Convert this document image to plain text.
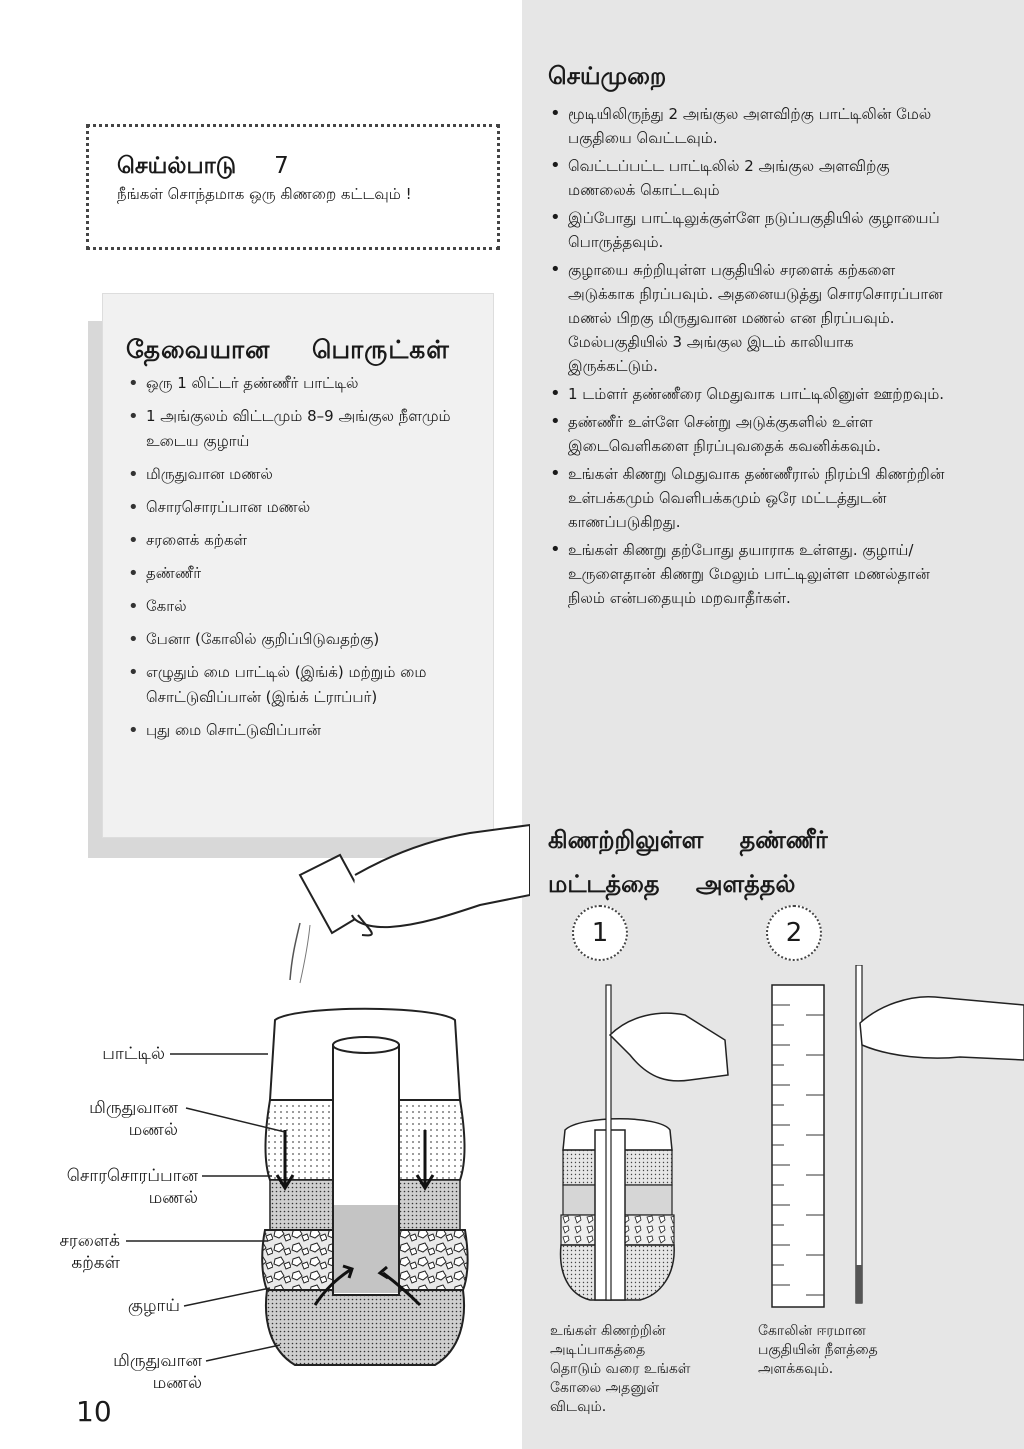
செய்ல்பாடு 7
நீங்கள் சொந்தமாக ஒரு கிணறை கட்டவும் !
தேவையான பொருட்கள்
• ஒரு 1 லிட்டர் தண்ணீர் பாட்டில்
• 1 அங்குலம் விட்டமும் 8–9 அங்குல நீளமும் உடைய குழாய்
• மிருதுவான மணல்
• சொரசொரப்பான மணல்
• சரளைக் கற்கள்
• தண்ணீர்
• கோல்
• பேனா (கோலில் குறிப்பிடுவதற்கு)
• எழுதும் மை பாட்டில் (இங்க்) மற்றும் மை சொட்டுவிப்பான் (இங்க் ட்ராப்பர்)
• புது மை சொட்டுவிப்பான்
செய்முறை
• மூடியிலிருந்து 2 அங்குல அளவிற்கு பாட்டிலின் மேல் பகுதியை வெட்டவும்.
• வெட்டப்பட்ட பாட்டிலில் 2 அங்குல அளவிற்கு மணலைக் கொட்டவும்
• இப்போது பாட்டிலுக்குள்ளே நடுப்பகுதியில் குழாயைப் பொருத்தவும்.
• குழாயை சுற்றியுள்ள பகுதியில் சரளைக் கற்களை அடுக்காக நிரப்பவும். அதனையடுத்து சொரசொரப்பான மணல் பிறகு மிருதுவான மணல் என நிரப்பவும். மேல்பகுதியில் 3 அங்குல இடம் காலியாக இருக்கட்டும்.
• 1 டம்ளர் தண்ணீரை மெதுவாக பாட்டிலினுள் ஊற்றவும்.
• தண்ணீர் உள்ளே சென்று அடுக்குகளில் உள்ள இடைவெளிகளை நிரப்புவதைக் கவனிக்கவும்.
• உங்கள் கிணறு மெதுவாக தண்ணீரால் நிரம்பி கிணற்றின் உள்பக்கமும் வெளிபக்கமும் ஒரே மட்டத்துடன் காணப்படுகிறது.
• உங்கள் கிணறு தற்போது தயாராக உள்ளது. குழாய்/ உருளைதான் கிணறு மேலும் பாட்டிலுள்ள மணல்தான் நிலம் என்பதையும் மறவாதீர்கள்.
கிணற்றிலுள்ள தண்ணீர் மட்டத்தை அளத்தல்
பாட்டில்
மிருதுவான மணல்
சொரசொரப்பான மணல்
சரளைக் கற்கள்
குழாய்
மிருதுவான மணல்
1	2
உங்கள் கிணற்றின் அடிப்பாகத்தை தொடும் வரை உங்கள் கோலை அதனுள் விடவும்.
கோலின் ஈரமான பகுதியின் நீளத்தை அளக்கவும்.
10
